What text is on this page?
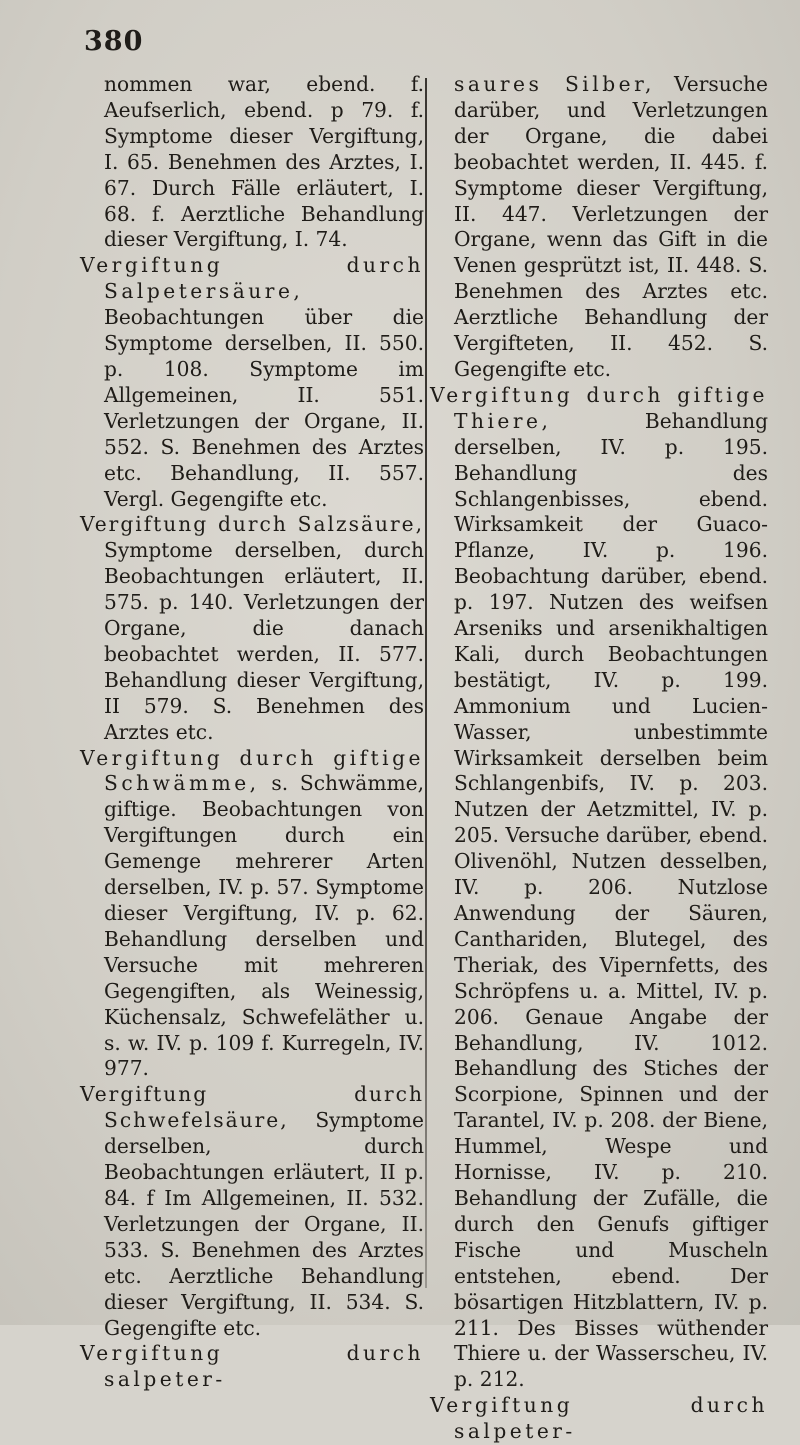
380

nommen war, ebend. f. Aeufserlich, ebend. p 79. f. Symptome dieser Vergiftung, I. 65. Benehmen des Arztes, I. 67. Durch Fälle erläutert, I. 68. f. Aerztliche Behandlung dieser Vergiftung, I. 74.

Vergiftung durch Salpetersäure, Beobachtungen über die Symptome derselben, II. 550. p. 108. Symptome im Allgemeinen, II. 551. Verletzungen der Organe, II. 552. S. Benehmen des Arztes etc. Behandlung, II. 557. Vergl. Gegengifte etc.

Vergiftung durch Salzsäure, Symptome derselben, durch Beobachtungen erläutert, II. 575. p. 140. Verletzungen der Organe, die danach beobachtet werden, II. 577. Behandlung dieser Vergiftung, II 579. S. Benehmen des Arztes etc.

Vergiftung durch giftige Schwämme, s. Schwämme, giftige. Beobachtungen von Vergiftungen durch ein Gemenge mehrerer Arten derselben, IV. p. 57. Symptome dieser Vergiftung, IV. p. 62. Behandlung derselben und Versuche mit mehreren Gegengiften, als Weinessig, Küchensalz, Schwefeläther u. s. w. IV. p. 109 f. Kurregeln, IV. 977.

Vergiftung durch Schwefelsäure, Symptome derselben, durch Beobachtungen erläutert, II p. 84. f Im Allgemeinen, II. 532. Verletzungen der Organe, II. 533. S. Benehmen des Arztes etc. Aerztliche Behandlung dieser Vergiftung, II. 534. S. Gegengifte etc.

Vergiftung durch salpeter-

saures Silber, Versuche darüber, und Verletzungen der Organe, die dabei beobachtet werden, II. 445. f. Symptome dieser Vergiftung, II. 447. Verletzungen der Organe, wenn das Gift in die Venen gesprützt ist, II. 448. S. Benehmen des Arztes etc. Aerztliche Behandlung der Vergifteten, II. 452. S. Gegengifte etc.

Vergiftung durch giftige Thiere, Behandlung derselben, IV. p. 195. Behandlung des Schlangenbisses, ebend. Wirksamkeit der Guaco-Pflanze, IV. p. 196. Beobachtung darüber, ebend. p. 197. Nutzen des weifsen Arseniks und arsenikhaltigen Kali, durch Beobachtungen bestätigt, IV. p. 199. Ammonium und Lucien-Wasser, unbestimmte Wirksamkeit derselben beim Schlangenbifs, IV. p. 203. Nutzen der Aetzmittel, IV. p. 205. Versuche darüber, ebend. Olivenöhl, Nutzen desselben, IV. p. 206. Nutzlose Anwendung der Säuren, Canthariden, Blutegel, des Theriak, des Vipernfetts, des Schröpfens u. a. Mittel, IV. p. 206. Genaue Angabe der Behandlung, IV. 1012. Behandlung des Stiches der Scorpione, Spinnen und der Tarantel, IV. p. 208. der Biene, Hummel, Wespe und Hornisse, IV. p. 210. Behandlung der Zufälle, die durch den Genufs giftiger Fische und Muscheln entstehen, ebend. Der bösartigen Hitzblattern, IV. p. 211. Des Bisses wüthender Thiere u. der Wasserscheu, IV. p. 212.

Vergiftung durch salpeter-
